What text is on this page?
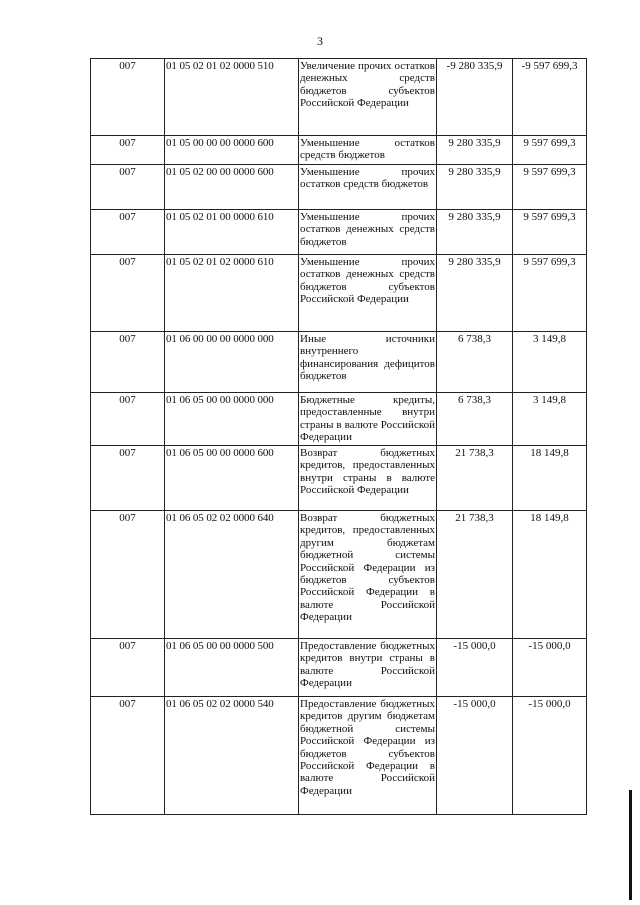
3
007	01 05 02 01 02 0000 510	Увеличение прочих остатков денежных средств бюджетов субъектов Российской Федерации	-9 280 335,9	-9 597 699,3
007	01 05 00 00 00 0000 600	Уменьшение остатков средств бюджетов	9 280 335,9	9 597 699,3
007	01 05 02 00 00 0000 600	Уменьшение прочих остатков средств бюджетов	9 280 335,9	9 597 699,3
007	01 05 02 01 00 0000 610	Уменьшение прочих остатков денежных средств бюджетов	9 280 335,9	9 597 699,3
007	01 05 02 01 02 0000 610	Уменьшение прочих остатков денежных средств бюджетов субъектов Российской Федерации	9 280 335,9	9 597 699,3
007	01 06 00 00 00 0000 000	Иные источники внутреннего финансирования дефицитов бюджетов	6 738,3	3 149,8
007	01 06 05 00 00 0000 000	Бюджетные кредиты, предоставленные внутри страны в валюте Российской Федерации	6 738,3	3 149,8
007	01 06 05 00 00 0000 600	Возврат бюджетных кредитов, предоставленных внутри страны в валюте Российской Федерации	21 738,3	18 149,8
007	01 06 05 02 02 0000 640	Возврат бюджетных кредитов, предоставленных другим бюджетам бюджетной системы Российской Федерации из бюджетов субъектов Российской Федерации в валюте Российской Федерации	21 738,3	18 149,8
007	01 06 05 00 00 0000 500	Предоставление бюджетных кредитов внутри страны в валюте Российской Федерации	-15 000,0	-15 000,0
007	01 06 05 02 02 0000 540	Предоставление бюджетных кредитов другим бюджетам бюджетной системы Российской Федерации из бюджетов субъектов Российской Федерации в валюте Российской Федерации	-15 000,0	-15 000,0
